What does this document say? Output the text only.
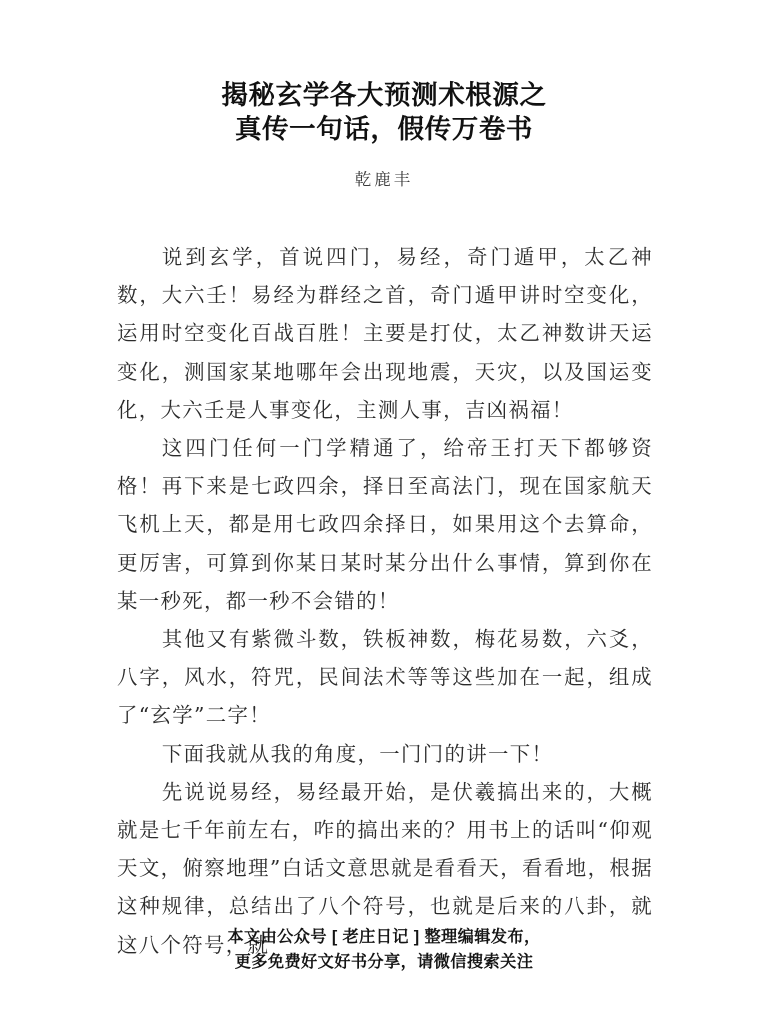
揭秘玄学各大预测术根源之
真传一句话，假传万卷书
乾鹿丰

说到玄学，首说四门，易经，奇门遁甲，太乙神数，大六壬！易经为群经之首，奇门遁甲讲时空变化，运用时空变化百战百胜！主要是打仗，太乙神数讲天运变化，测国家某地哪年会出现地震，天灾，以及国运变化，大六壬是人事变化，主测人事，吉凶祸福！

这四门任何一门学精通了，给帝王打天下都够资格！再下来是七政四余，择日至高法门，现在国家航天飞机上天，都是用七政四余择日，如果用这个去算命，更厉害，可算到你某日某时某分出什么事情，算到你在某一秒死，都一秒不会错的！

其他又有紫微斗数，铁板神数，梅花易数，六爻，八字，风水，符咒，民间法术等等这些加在一起，组成了“玄学”二字！

下面我就从我的角度，一门门的讲一下！

先说说易经，易经最开始，是伏羲搞出来的，大概就是七千年前左右，咋的搞出来的？用书上的话叫“仰观天文，俯察地理”白话文意思就是看看天，看看地，根据这种规律，总结出了八个符号，也就是后来的八卦，就这八个符号，就

本文由公众号 [ 老庄日记 ] 整理编辑发布，
更多免费好文好书分享，请微信搜索关注
